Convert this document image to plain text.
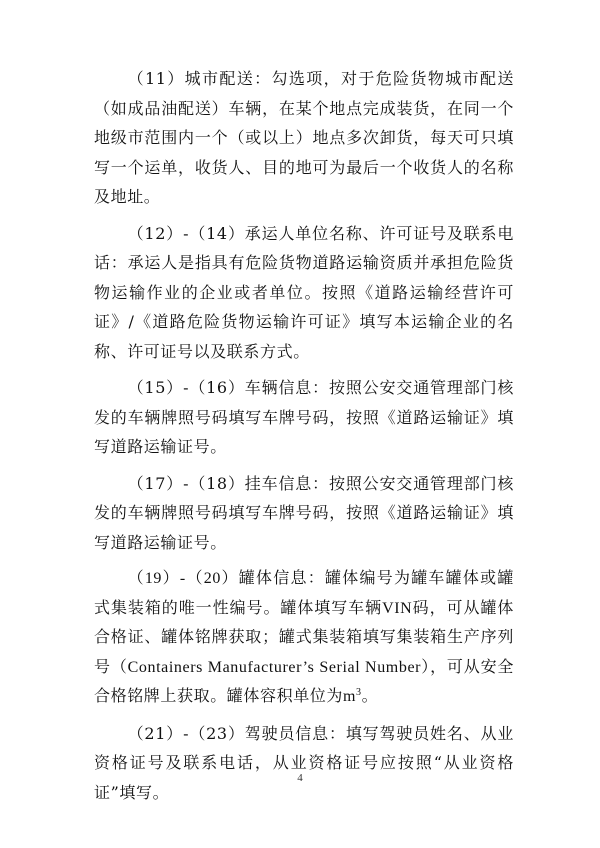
（11）城市配送：勾选项，对于危险货物城市配送（如成品油配送）车辆，在某个地点完成装货，在同一个地级市范围内一个（或以上）地点多次卸货，每天可只填写一个运单，收货人、目的地可为最后一个收货人的名称及地址。

（12）-（14）承运人单位名称、许可证号及联系电话：承运人是指具有危险货物道路运输资质并承担危险货物运输作业的企业或者单位。按照《道路运输经营许可证》/《道路危险货物运输许可证》填写本运输企业的名称、许可证号以及联系方式。

（15）-（16）车辆信息：按照公安交通管理部门核发的车辆牌照号码填写车牌号码，按照《道路运输证》填写道路运输证号。

（17）-（18）挂车信息：按照公安交通管理部门核发的车辆牌照号码填写车牌号码，按照《道路运输证》填写道路运输证号。

（19）-（20）罐体信息：罐体编号为罐车罐体或罐式集装箱的唯一性编号。罐体填写车辆VIN码，可从罐体合格证、罐体铭牌获取；罐式集装箱填写集装箱生产序列号（Containers Manufacturer’s Serial Number），可从安全合格铭牌上获取。罐体容积单位为$m^3$。

（21）-（23）驾驶员信息：填写驾驶员姓名、从业资格证号及联系电话，从业资格证号应按照“从业资格证”填写。

4
